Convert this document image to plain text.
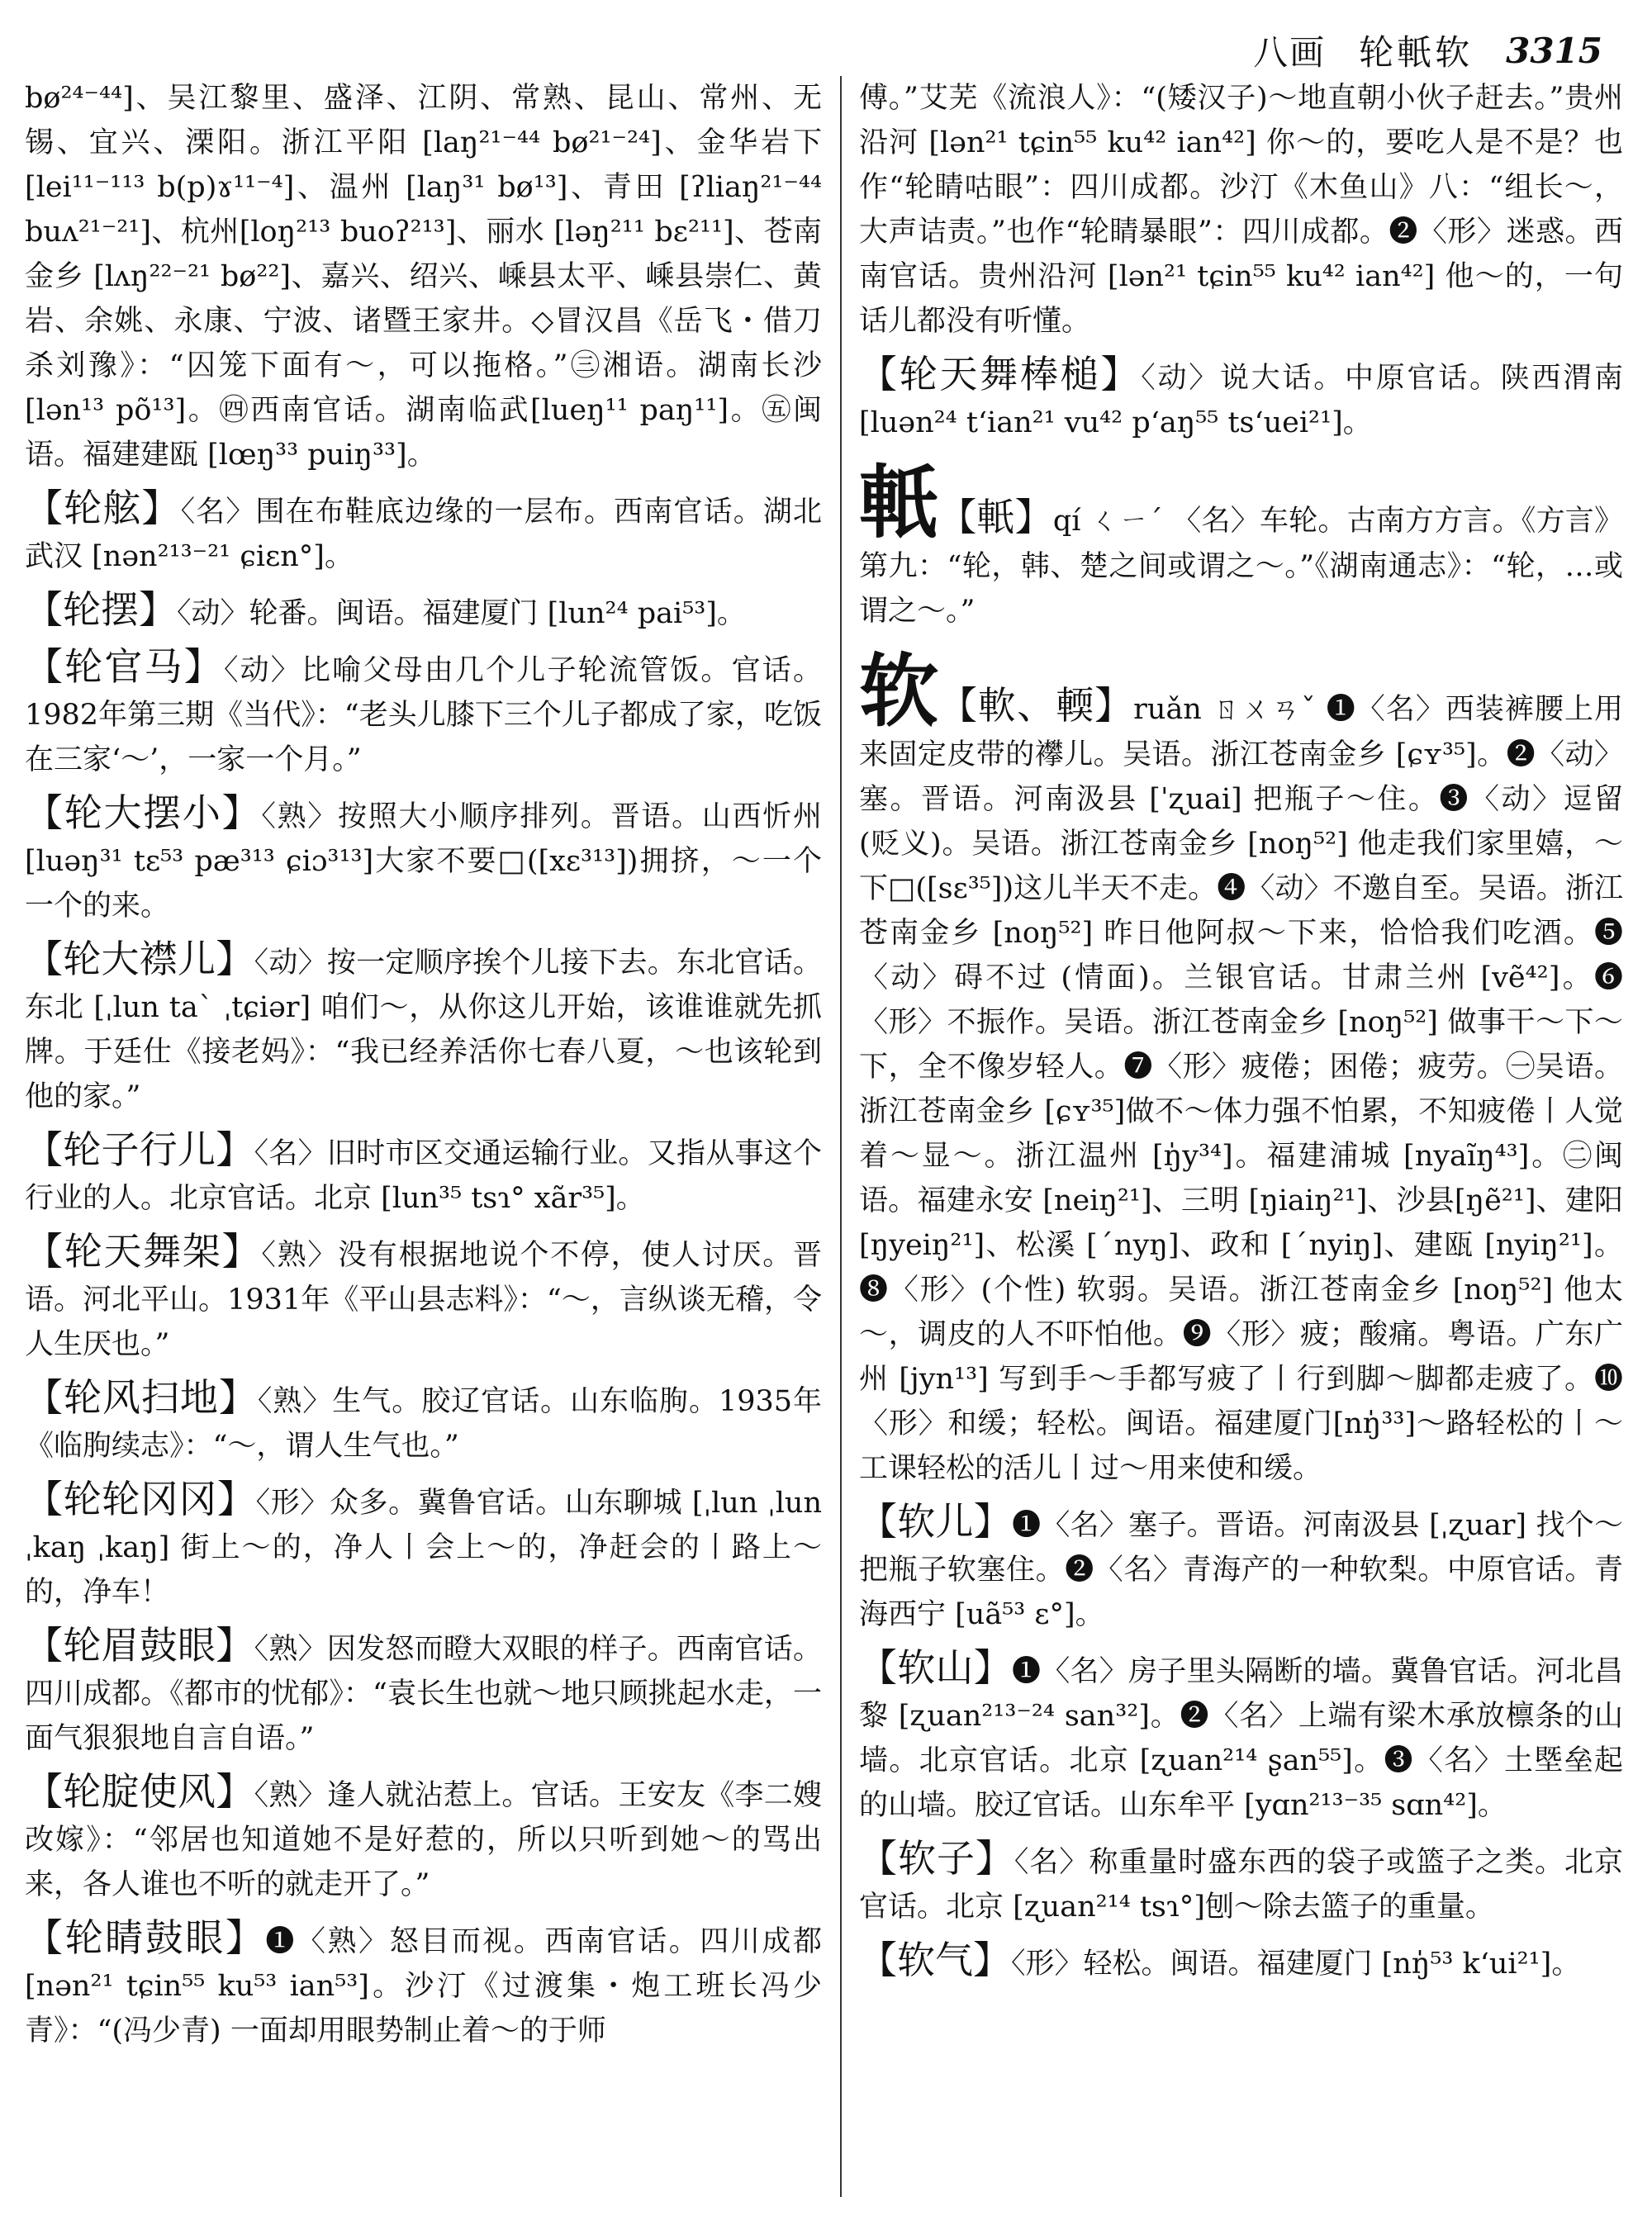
八画 轮軝软 3315
bø²⁴⁻⁴⁴]、吴江黎里、盛泽、江阴、常熟、昆山、常州、无锡、宜兴、溧阳。浙江平阳 [laŋ²¹⁻⁴⁴ bø²¹⁻²⁴]、金华岩下 [lei¹¹⁻¹¹³ b(p)ɤ¹¹⁻⁴]、温州 [laŋ³¹ bø¹³]、青田 [ʔliaŋ²¹⁻⁴⁴ buʌ²¹⁻²¹]、杭州[loŋ²¹³ buoʔ²¹³]、丽水 [ləŋ²¹¹ bɛ²¹¹]、苍南金乡 [lʌŋ²²⁻²¹ bø²²]、嘉兴、绍兴、嵊县太平、嵊县崇仁、黄岩、余姚、永康、宁波、诸暨王家井。◇冒汉昌《岳飞・借刀杀刘豫》：“囚笼下面有～，可以拖格。”㊂湘语。湖南长沙 [lən¹³ põ¹³]。㊃西南官话。湖南临武[lueŋ¹¹ paŋ¹¹]。㊄闽语。福建建瓯 [lœŋ³³ puiŋ³³]。
【轮舷】〈名〉围在布鞋底边缘的一层布。西南官话。湖北武汉 [nən²¹³⁻²¹ ɕiɛn°]。
【轮摆】〈动〉轮番。闽语。福建厦门 [lun²⁴ pai⁵³]。
【轮官马】〈动〉比喻父母由几个儿子轮流管饭。官话。1982年第三期《当代》：“老头儿膝下三个儿子都成了家，吃饭在三家‘～’，一家一个月。”
【轮大摆小】〈熟〉按照大小顺序排列。晋语。山西忻州[luəŋ³¹ tɛ⁵³ pæ³¹³ ɕiɔ³¹³]大家不要□([xɛ³¹³])拥挤，～一个一个的来。
【轮大襟儿】〈动〉按一定顺序挨个儿接下去。东北官话。东北 [ˌlun taˋ ˌtɕiər] 咱们～，从你这儿开始，该谁谁就先抓牌。于廷仕《接老妈》：“我已经养活你七春八夏，～也该轮到他的家。”
【轮子行儿】〈名〉旧时市区交通运输行业。又指从事这个行业的人。北京官话。北京 [lun³⁵ tsɿ° xãr³⁵]。
【轮天舞架】〈熟〉没有根据地说个不停，使人讨厌。晋语。河北平山。1931年《平山县志料》：“～，言纵谈无稽，令人生厌也。”
【轮风扫地】〈熟〉生气。胶辽官话。山东临朐。1935年《临朐续志》：“～，谓人生气也。”
【轮轮冈冈】〈形〉众多。冀鲁官话。山东聊城 [ˌlun ˌlun ˌkaŋ ˌkaŋ] 街上～的，净人丨会上～的，净赶会的丨路上～的，净车！
【轮眉鼓眼】〈熟〉因发怒而瞪大双眼的样子。西南官话。四川成都。《都市的忧郁》：“袁长生也就～地只顾挑起水走，一面气狠狠地自言自语。”
【轮腚使风】〈熟〉逢人就沾惹上。官话。王安友《李二嫂改嫁》：“邻居也知道她不是好惹的，所以只听到她～的骂出来，各人谁也不听的就走开了。”
【轮睛鼓眼】❶〈熟〉怒目而视。西南官话。四川成都 [nən²¹ tɕin⁵⁵ ku⁵³ ian⁵³]。沙汀《过渡集・炮工班长冯少青》：“(冯少青) 一面却用眼势制止着～的于师
傅。”艾芜《流浪人》：“(矮汉子)～地直朝小伙子赶去。”贵州沿河 [lən²¹ tɕin⁵⁵ ku⁴² ian⁴²] 你～的，要吃人是不是？也作“轮睛咕眼”：四川成都。沙汀《木鱼山》八：“组长～，大声诘责。”也作“轮睛暴眼”：四川成都。❷〈形〉迷惑。西南官话。贵州沿河 [lən²¹ tɕin⁵⁵ ku⁴² ian⁴²] 他～的，一句话儿都没有听懂。
【轮天舞棒槌】〈动〉说大话。中原官话。陕西渭南 [luən²⁴ tʻian²¹ vu⁴² pʻaŋ⁵⁵ tsʻuei²¹]。
軝【軝】qí ㄑㄧˊ 〈名〉车轮。古南方方言。《方言》第九：“轮，韩、楚之间或谓之～。”《湖南通志》：“轮，…或谓之～。”
软【軟、輭】ruǎn ㄖㄨㄢˇ ❶〈名〉西装裤腰上用来固定皮带的襻儿。吴语。浙江苍南金乡 [ɕʏ³⁵]。❷〈动〉塞。晋语。河南汲县 [ˈʐuai] 把瓶子～住。❸〈动〉逗留 (贬义)。吴语。浙江苍南金乡 [noŋ⁵²] 他走我们家里嬉，～下□([sɛ³⁵])这儿半天不走。❹〈动〉不邀自至。吴语。浙江苍南金乡 [noŋ⁵²] 昨日他阿叔～下来，恰恰我们吃酒。❺〈动〉碍不过 (情面)。兰银官话。甘肃兰州 [vẽ⁴²]。❻〈形〉不振作。吴语。浙江苍南金乡 [noŋ⁵²] 做事干～下～下，全不像岁轻人。❼〈形〉疲倦；困倦；疲劳。㊀吴语。浙江苍南金乡 [ɕʏ³⁵]做不～体力强不怕累，不知疲倦丨人觉着～显～。浙江温州 [ŋ̍y³⁴]。福建浦城 [nyaĩŋ⁴³]。㊁闽语。福建永安 [neiŋ²¹]、三明 [ŋiaiŋ²¹]、沙县[ŋẽ²¹]、建阳 [ŋyeiŋ²¹]、松溪 [ˊnyŋ]、政和 [ˊnyiŋ]、建瓯 [nyiŋ²¹]。❽〈形〉(个性) 软弱。吴语。浙江苍南金乡 [noŋ⁵²] 他太～，调皮的人不吓怕他。❾〈形〉疲；酸痛。粤语。广东广州 [jyn¹³] 写到手～手都写疲了丨行到脚～脚都走疲了。❿〈形〉和缓；轻松。闽语。福建厦门[nŋ̍³³]～路轻松的丨～工课轻松的活儿丨过～用来使和缓。
【软儿】❶〈名〉塞子。晋语。河南汲县 [ˌʐuar] 找个～把瓶子软塞住。❷〈名〉青海产的一种软梨。中原官话。青海西宁 [uã⁵³ ɛ°]。
【软山】❶〈名〉房子里头隔断的墙。冀鲁官话。河北昌黎 [ʐuan²¹³⁻²⁴ san³²]。❷〈名〉上端有梁木承放檩条的山墙。北京官话。北京 [ʐuan²¹⁴ ʂan⁵⁵]。❸〈名〉土塈垒起的山墙。胶辽官话。山东牟平 [yɑn²¹³⁻³⁵ sɑn⁴²]。
【软子】〈名〉称重量时盛东西的袋子或篮子之类。北京官话。北京 [ʐuan²¹⁴ tsɿ°]刨～除去篮子的重量。
【软气】〈形〉轻松。闽语。福建厦门 [nŋ̍⁵³ kʻui²¹]。
